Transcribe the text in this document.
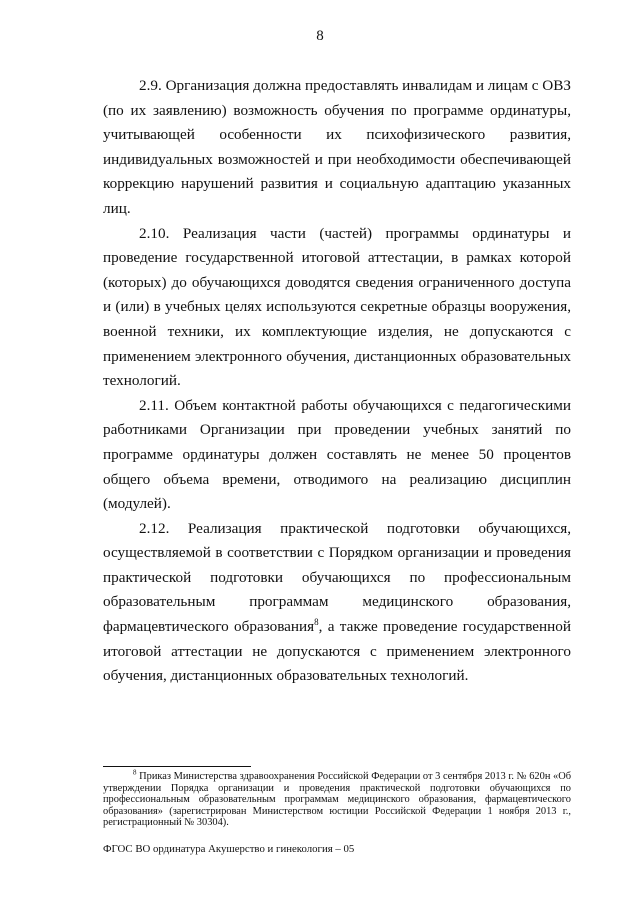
8

2.9. Организация должна предоставлять инвалидам и лицам с ОВЗ (по их заявлению) возможность обучения по программе ординатуры, учитывающей особенности их психофизического развития, индивидуальных возможностей и при необходимости обеспечивающей коррекцию нарушений развития и социальную адаптацию указанных лиц.

2.10. Реализация части (частей) программы ординатуры и проведение государственной итоговой аттестации, в рамках которой (которых) до обучающихся доводятся сведения ограниченного доступа и (или) в учебных целях используются секретные образцы вооружения, военной техники, их комплектующие изделия, не допускаются с применением электронного обучения, дистанционных образовательных технологий.

2.11. Объем контактной работы обучающихся с педагогическими работниками Организации при проведении учебных занятий по программе ординатуры должен составлять не менее 50 процентов общего объема времени, отводимого на реализацию дисциплин (модулей).

2.12. Реализация практической подготовки обучающихся, осуществляемой в соответствии с Порядком организации и проведения практической подготовки обучающихся по профессиональным образовательным программам медицинского образования, фармацевтического образования$^8$, а также проведение государственной итоговой аттестации не допускаются с применением электронного обучения, дистанционных образовательных технологий.

$^8$ Приказ Министерства здравоохранения Российской Федерации от 3 сентября 2013 г. № 620н «Об утверждении Порядка организации и проведения практической подготовки обучающихся по профессиональным образовательным программам медицинского образования, фармацевтического образования» (зарегистрирован Министерством юстиции Российской Федерации 1 ноября 2013 г., регистрационный № 30304).
ФГОС ВО ординатура Акушерство и гинекология – 05
